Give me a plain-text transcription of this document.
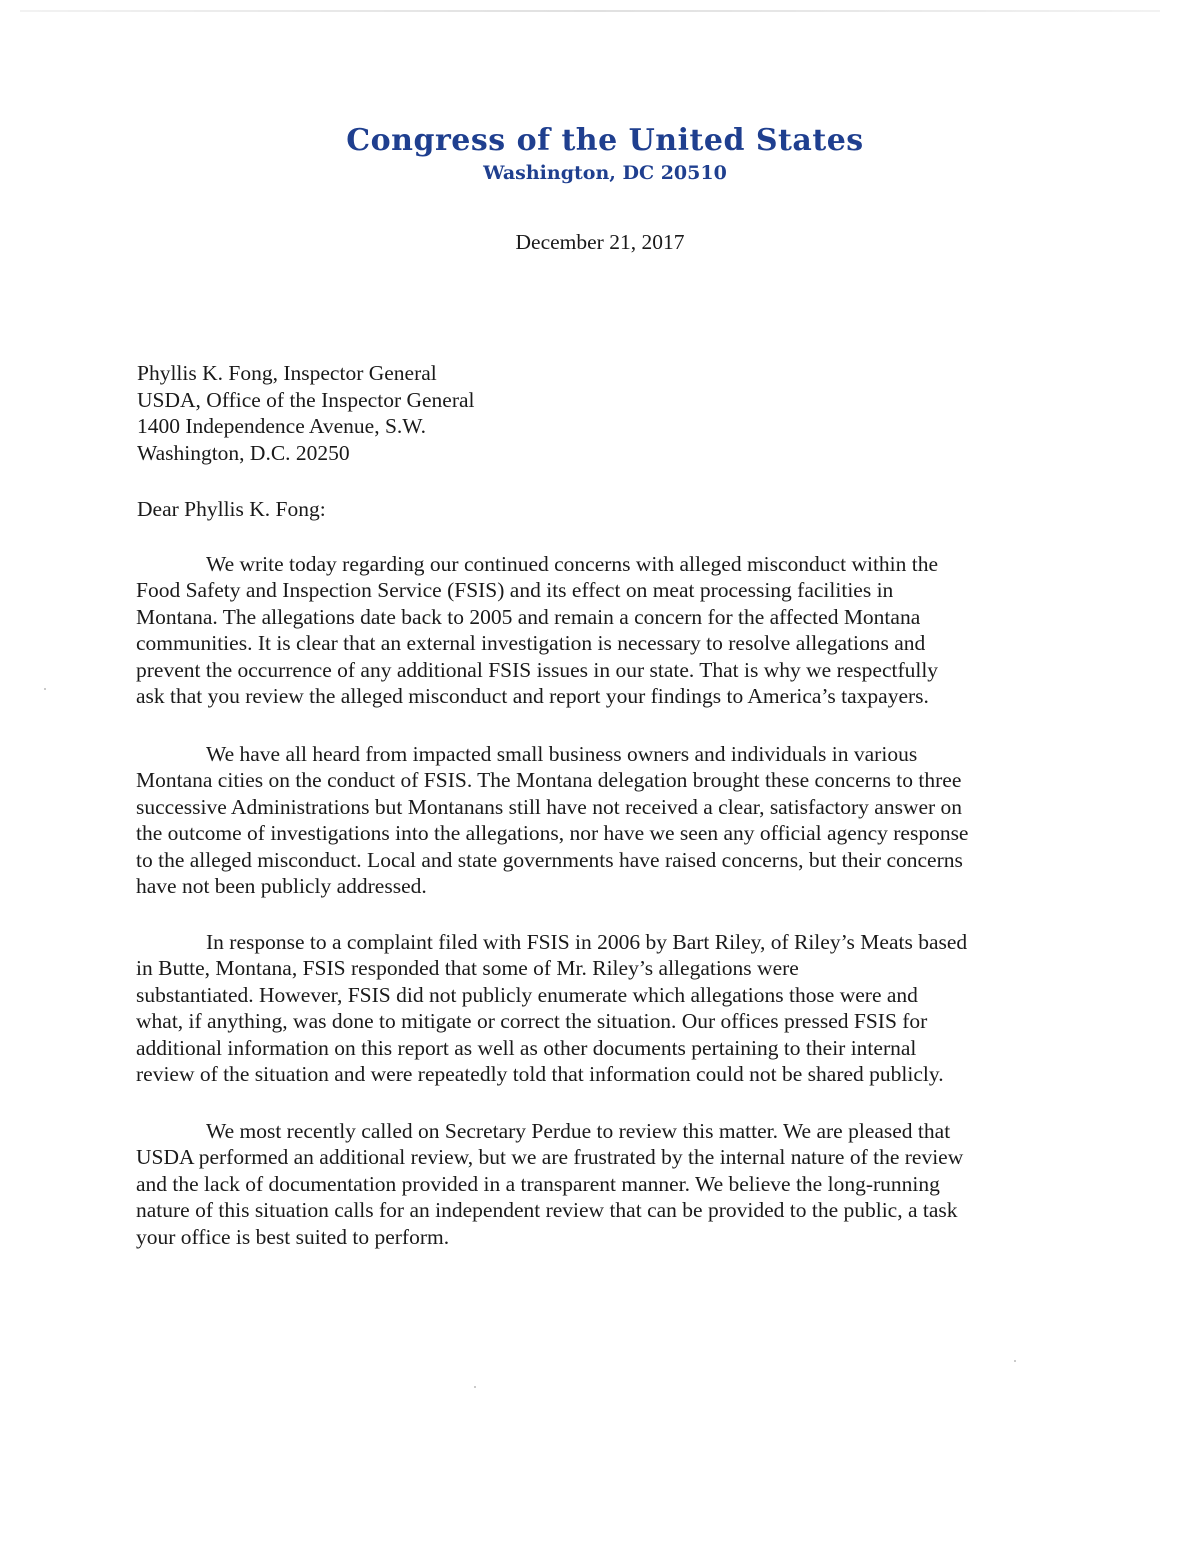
Congress of the United States
Washington, DC 20510
December 21, 2017
Phyllis K. Fong, Inspector General
USDA, Office of the Inspector General
1400 Independence Avenue, S.W.
Washington, D.C. 20250
Dear Phyllis K. Fong:
We write today regarding our continued concerns with alleged misconduct within the
Food Safety and Inspection Service (FSIS) and its effect on meat processing facilities in
Montana. The allegations date back to 2005 and remain a concern for the affected Montana
communities. It is clear that an external investigation is necessary to resolve allegations and
prevent the occurrence of any additional FSIS issues in our state. That is why we respectfully
ask that you review the alleged misconduct and report your findings to America’s taxpayers.
We have all heard from impacted small business owners and individuals in various
Montana cities on the conduct of FSIS. The Montana delegation brought these concerns to three
successive Administrations but Montanans still have not received a clear, satisfactory answer on
the outcome of investigations into the allegations, nor have we seen any official agency response
to the alleged misconduct. Local and state governments have raised concerns, but their concerns
have not been publicly addressed.
In response to a complaint filed with FSIS in 2006 by Bart Riley, of Riley’s Meats based
in Butte, Montana, FSIS responded that some of Mr. Riley’s allegations were
substantiated. However, FSIS did not publicly enumerate which allegations those were and
what, if anything, was done to mitigate or correct the situation. Our offices pressed FSIS for
additional information on this report as well as other documents pertaining to their internal
review of the situation and were repeatedly told that information could not be shared publicly.
We most recently called on Secretary Perdue to review this matter. We are pleased that
USDA performed an additional review, but we are frustrated by the internal nature of the review
and the lack of documentation provided in a transparent manner. We believe the long-running
nature of this situation calls for an independent review that can be provided to the public, a task
your office is best suited to perform.
